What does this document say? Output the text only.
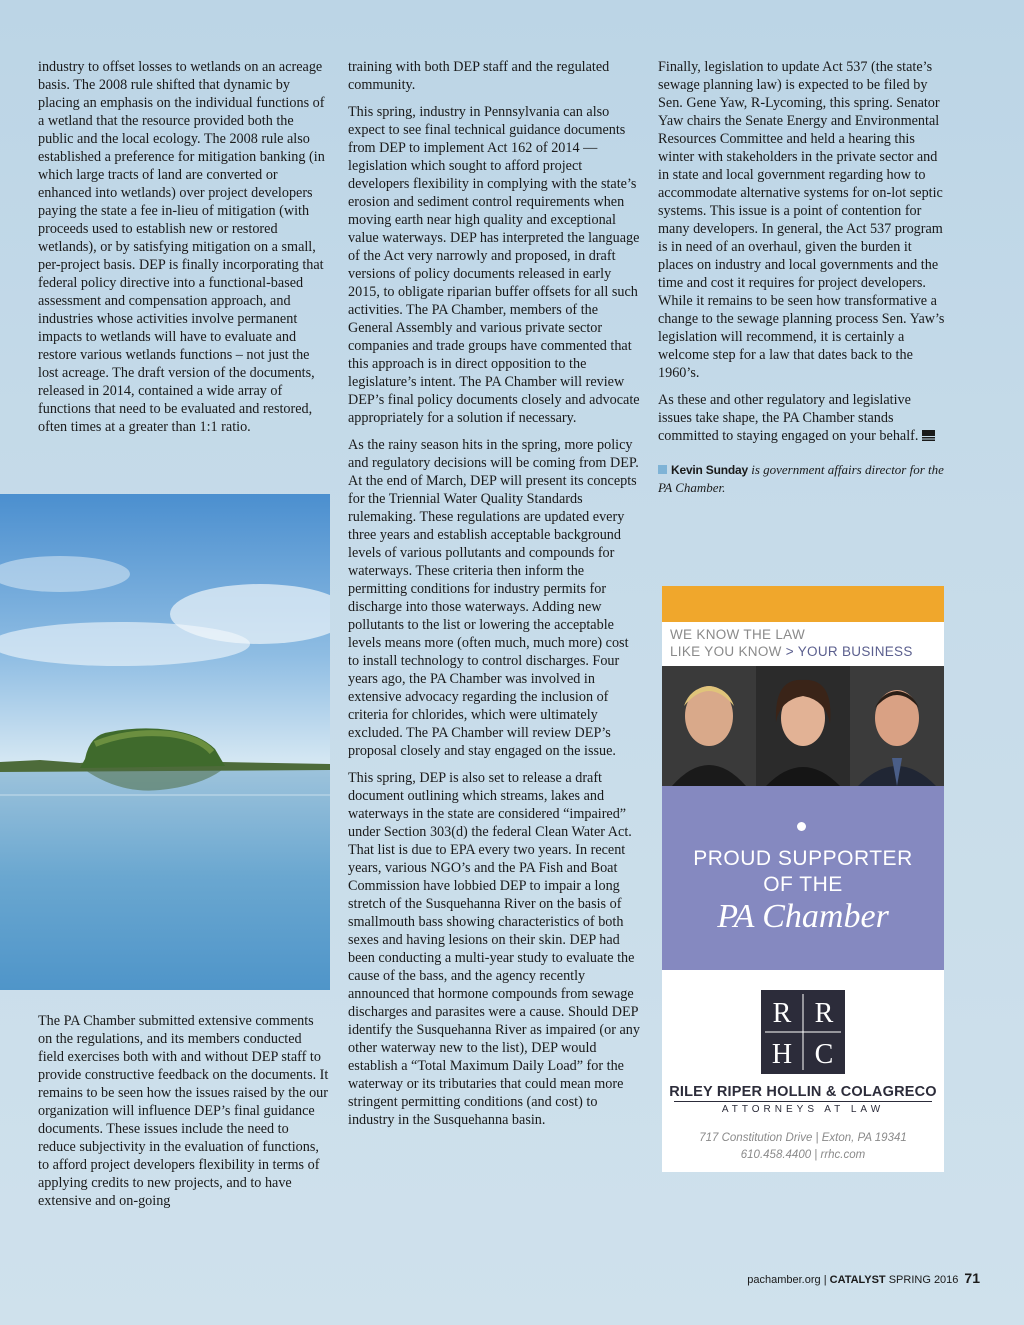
industry to offset losses to wetlands on an acreage basis. The 2008 rule shifted that dynamic by placing an emphasis on the individual functions of a wetland that the resource provided both the public and the local ecology. The 2008 rule also established a preference for mitigation banking (in which large tracts of land are converted or enhanced into wetlands) over project developers paying the state a fee in-lieu of mitigation (with proceeds used to establish new or restored wetlands), or by satisfying mitigation on a small, per-project basis. DEP is finally incorporating that federal policy directive into a functional-based assessment and compensation approach, and industries whose activities involve permanent impacts to wetlands will have to evaluate and restore various wetlands functions – not just the lost acreage. The draft version of the documents, released in 2014, contained a wide array of functions that need to be evaluated and restored, often times at a greater than 1:1 ratio.

The PA Chamber submitted extensive comments on the regulations, and its members conducted field exercises both with and without DEP staff to provide constructive feedback on the documents. It remains to be seen how the issues raised by the our organization will influence DEP’s final guidance documents. These issues include the need to reduce subjectivity in the evaluation of functions, to afford project developers flexibility in terms of applying credits to new projects, and to have extensive and on-going

training with both DEP staff and the regulated community.

This spring, industry in Pennsylvania can also expect to see final technical guidance documents from DEP to implement Act 162 of 2014 — legislation which sought to afford project developers flexibility in complying with the state’s erosion and sediment control requirements when moving earth near high quality and exceptional value waterways. DEP has interpreted the language of the Act very narrowly and proposed, in draft versions of policy documents released in early 2015, to obligate riparian buffer offsets for all such activities. The PA Chamber, members of the General Assembly and various private sector companies and trade groups have commented that this approach is in direct opposition to the legislature’s intent. The PA Chamber will review DEP’s final policy documents closely and advocate appropriately for a solution if necessary.

As the rainy season hits in the spring, more policy and regulatory decisions will be coming from DEP. At the end of March, DEP will present its concepts for the Triennial Water Quality Standards rulemaking. These regulations are updated every three years and establish acceptable background levels of various pollutants and compounds for waterways. These criteria then inform the permitting conditions for industry permits for discharge into those waterways. Adding new pollutants to the list or lowering the acceptable levels means more (often much, much more) cost to install technology to control discharges. Four years ago, the PA Chamber was involved in extensive advocacy regarding the inclusion of criteria for chlorides, which were ultimately excluded. The PA Chamber will review DEP’s proposal closely and stay engaged on the issue.

This spring, DEP is also set to release a draft document outlining which streams, lakes and waterways in the state are considered “impaired” under Section 303(d) the federal Clean Water Act. That list is due to EPA every two years. In recent years, various NGO’s and the PA Fish and Boat Commission have lobbied DEP to impair a long stretch of the Susquehanna River on the basis of smallmouth bass showing characteristics of both sexes and having lesions on their skin. DEP had been conducting a multi-year study to evaluate the cause of the bass, and the agency recently announced that hormone compounds from sewage discharges and parasites were a cause. Should DEP identify the Susquehanna River as impaired (or any other waterway new to the list), DEP would establish a “Total Maximum Daily Load” for the waterway or its tributaries that could mean more stringent permitting conditions (and cost) to industry in the Susquehanna basin.

Finally, legislation to update Act 537 (the state’s sewage planning law) is expected to be filed by Sen. Gene Yaw, R-Lycoming, this spring. Senator Yaw chairs the Senate Energy and Environmental Resources Committee and held a hearing this winter with stakeholders in the private sector and in state and local government regarding how to accommodate alternative systems for on-lot septic systems. This issue is a point of contention for many developers. In general, the Act 537 program is in need of an overhaul, given the burden it places on industry and local governments and the time and cost it requires for project developers. While it remains to be seen how transformative a change to the sewage planning process Sen. Yaw’s legislation will recommend, it is certainly a welcome step for a law that dates back to the 1960’s.

As these and other regulatory and legislative issues take shape, the PA Chamber stands committed to staying engaged on your behalf.

Kevin Sunday is government affairs director for the PA Chamber.
WE KNOW THE LAW
LIKE YOU KNOW > YOUR BUSINESS
PROUD SUPPORTER
OF THE
PA Chamber
R R
H C
RILEY RIPER HOLLIN & COLAGRECO
ATTORNEYS AT LAW
717 Constitution Drive | Exton, PA 19341
610.458.4400 | rrhc.com
pachamber.org | CATALYST SPRING 2016 71
